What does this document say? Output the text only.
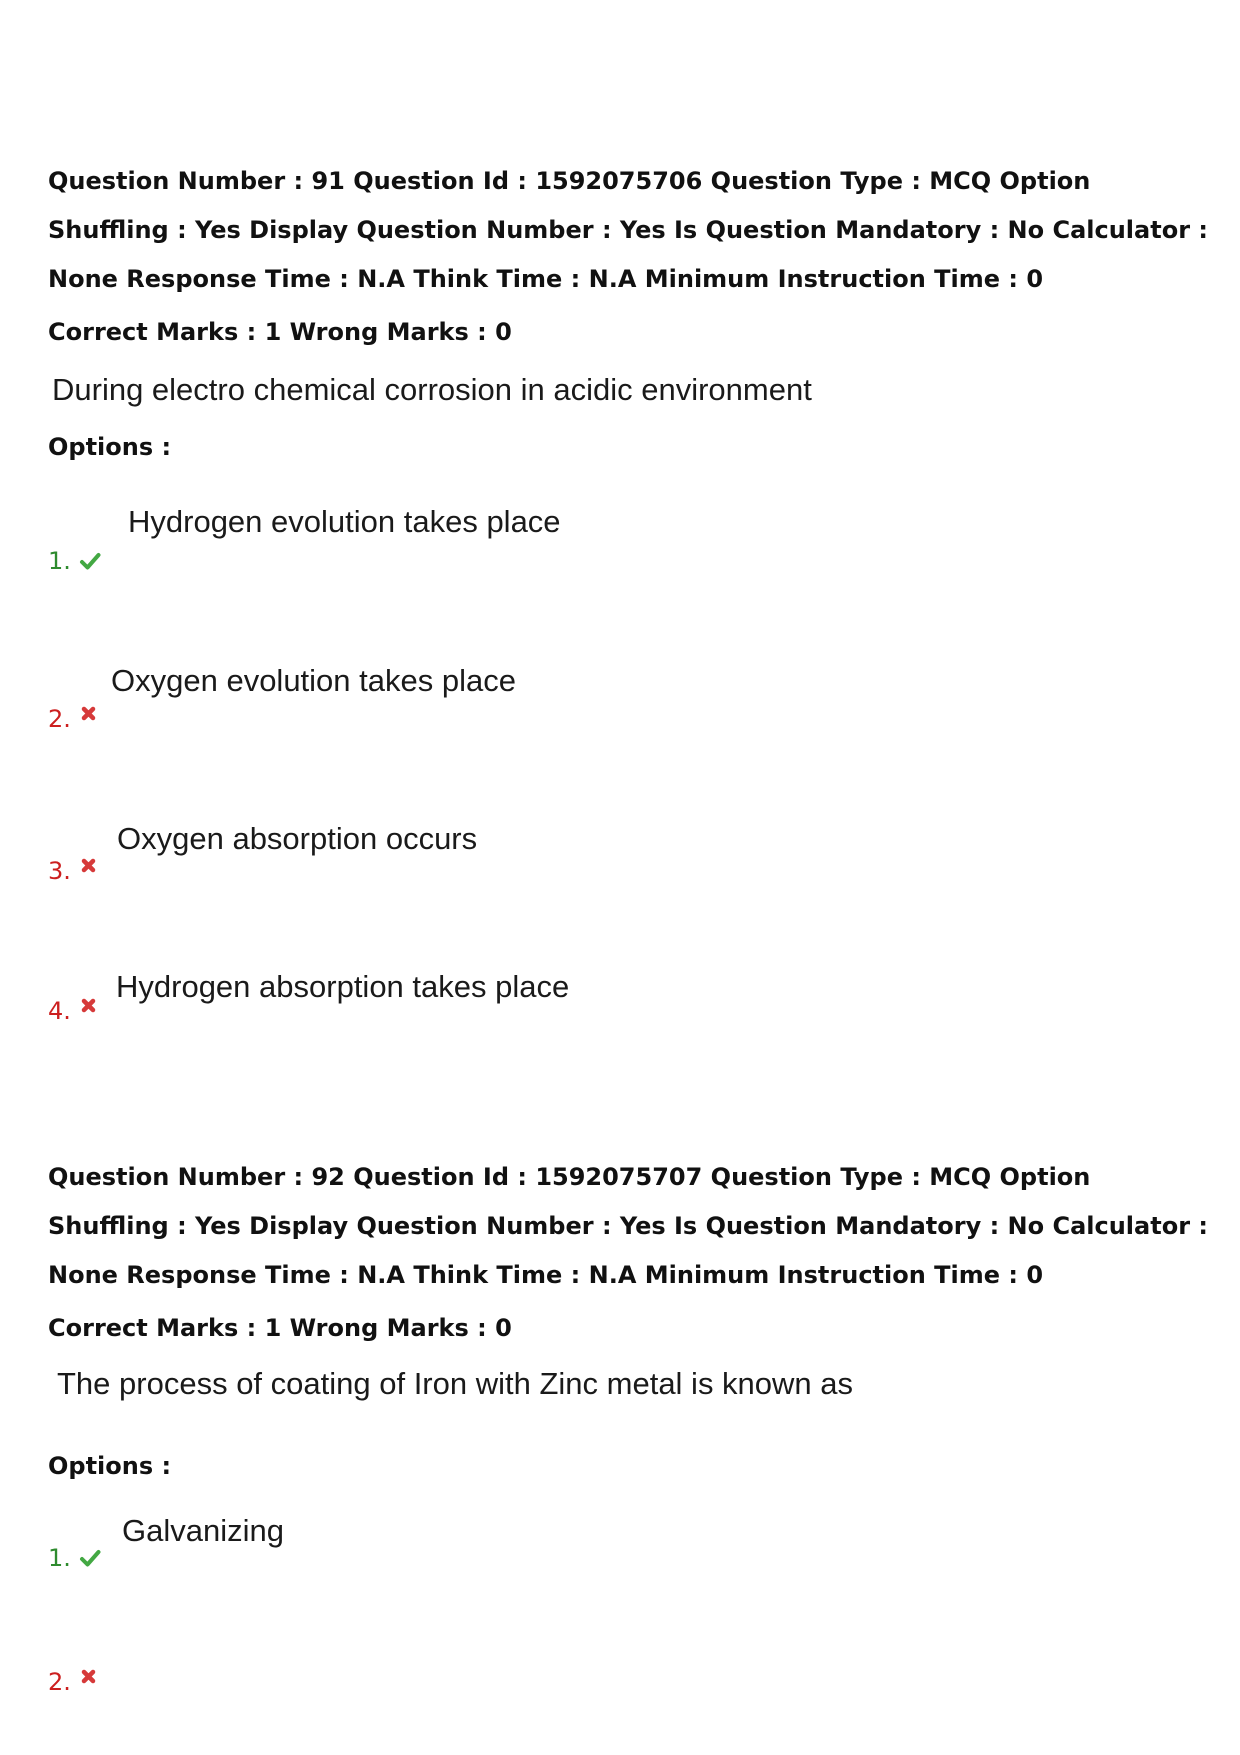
Question Number : 91 Question Id : 1592075706 Question Type : MCQ Option Shuffling : Yes Display Question Number : Yes Is Question Mandatory : No Calculator : None Response Time : N.A Think Time : N.A Minimum Instruction Time : 0
Correct Marks : 1 Wrong Marks : 0
During electro chemical corrosion in acidic environment
Options :
Hydrogen evolution takes place
1.
Oxygen evolution takes place
2.
Oxygen absorption occurs
3.
Hydrogen absorption takes place
4.
Question Number : 92 Question Id : 1592075707 Question Type : MCQ Option Shuffling : Yes Display Question Number : Yes Is Question Mandatory : No Calculator : None Response Time : N.A Think Time : N.A Minimum Instruction Time : 0
Correct Marks : 1 Wrong Marks : 0
The process of coating of Iron with Zinc metal is known as
Options :
Galvanizing
1.
2.
